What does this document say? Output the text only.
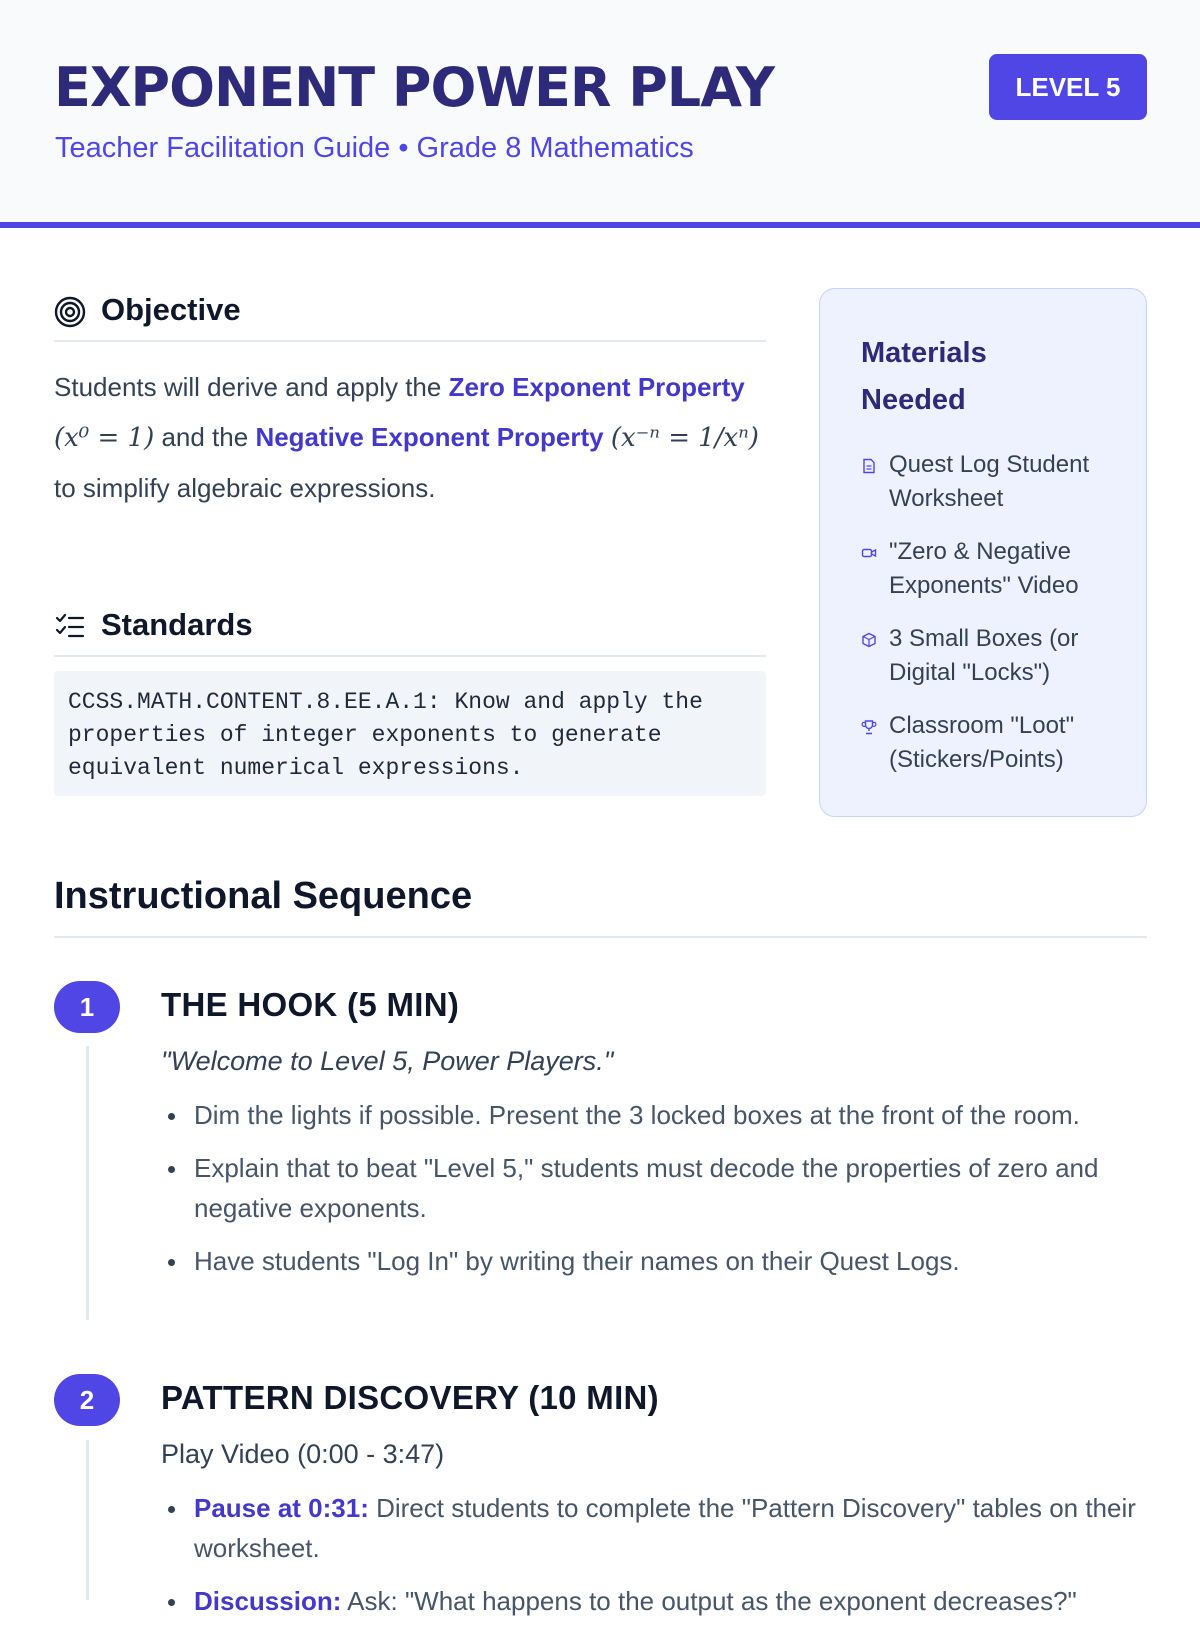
EXPONENT POWER PLAY
Teacher Facilitation Guide • Grade 8 Mathematics
LEVEL 5
Objective
Students will derive and apply the Zero Exponent Property (x⁰ = 1) and the Negative Exponent Property (x⁻ⁿ = 1/xⁿ) to simplify algebraic expressions.
Standards
CCSS.MATH.CONTENT.8.EE.A.1: Know and apply the properties of integer exponents to generate equivalent numerical expressions.
Materials Needed
Quest Log Student Worksheet
"Zero & Negative Exponents" Video
3 Small Boxes (or Digital "Locks")
Classroom "Loot" (Stickers/Points)
Instructional Sequence
1	THE HOOK (5 MIN)
"Welcome to Level 5, Power Players."
Dim the lights if possible. Present the 3 locked boxes at the front of the room.
Explain that to beat "Level 5," students must decode the properties of zero and negative exponents.
Have students "Log In" by writing their names on their Quest Logs.
2	PATTERN DISCOVERY (10 MIN)
Play Video (0:00 - 3:47)
Pause at 0:31: Direct students to complete the "Pattern Discovery" tables on their worksheet.
Discussion: Ask: "What happens to the output as the exponent decreases?"
